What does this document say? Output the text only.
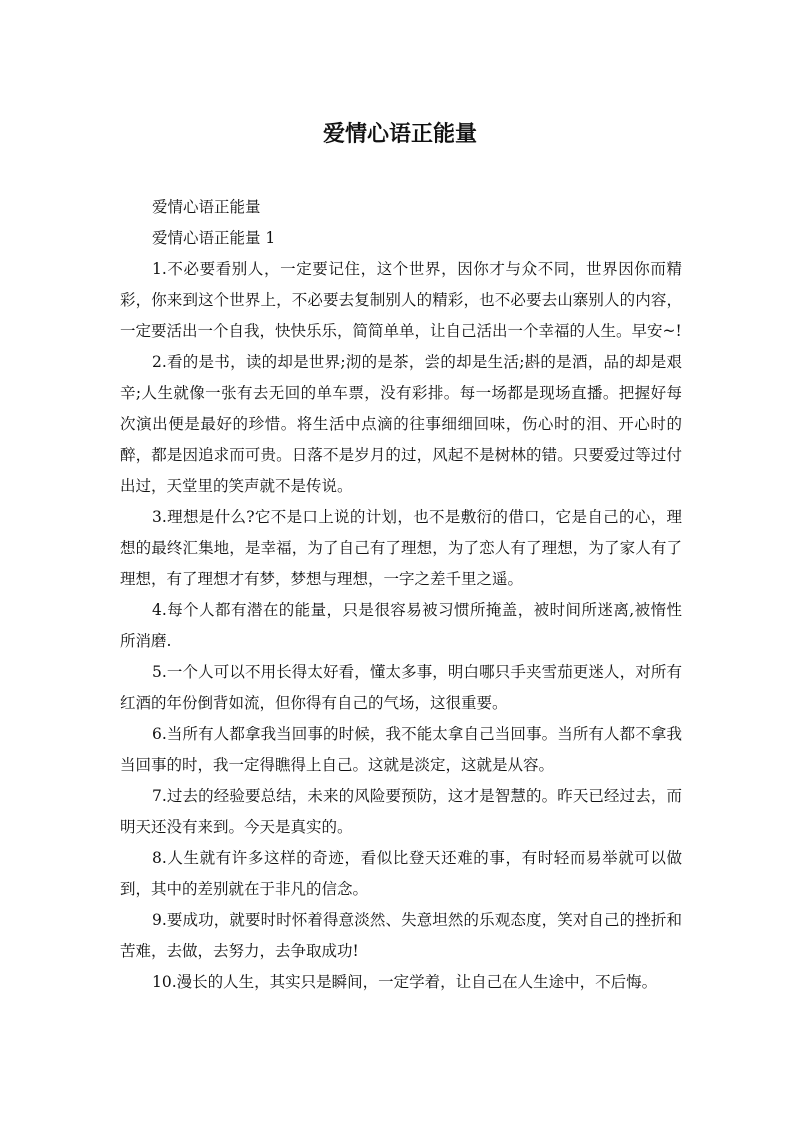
爱情心语正能量

爱情心语正能量

爱情心语正能量 1

1.不必要看别人，一定要记住，这个世界，因你才与众不同，世界因你而精彩，你来到这个世界上，不必要去复制别人的精彩，也不必要去山寨别人的内容，一定要活出一个自我，快快乐乐，简简单单，让自己活出一个幸福的人生。早安~!

2.看的是书，读的却是世界;沏的是茶，尝的却是生活;斟的是酒，品的却是艰辛;人生就像一张有去无回的单车票，没有彩排。每一场都是现场直播。把握好每次演出便是最好的珍惜。将生活中点滴的往事细细回味，伤心时的泪、开心时的醉，都是因追求而可贵。日落不是岁月的过，风起不是树林的错。只要爱过等过付出过，天堂里的笑声就不是传说。

3.理想是什么?它不是口上说的计划，也不是敷衍的借口，它是自己的心，理想的最终汇集地，是幸福，为了自己有了理想，为了恋人有了理想，为了家人有了理想，有了理想才有梦，梦想与理想，一字之差千里之遥。

4.每个人都有潜在的能量，只是很容易被习惯所掩盖，被时间所迷离,被惰性所消磨.

5.一个人可以不用长得太好看，懂太多事，明白哪只手夹雪茄更迷人，对所有红酒的年份倒背如流，但你得有自己的气场，这很重要。

6.当所有人都拿我当回事的时候，我不能太拿自己当回事。当所有人都不拿我当回事的时，我一定得瞧得上自己。这就是淡定，这就是从容。

7.过去的经验要总结，未来的风险要预防，这才是智慧的。昨天已经过去，而明天还没有来到。今天是真实的。

8.人生就有许多这样的奇迹，看似比登天还难的事，有时轻而易举就可以做到，其中的差别就在于非凡的信念。

9.要成功，就要时时怀着得意淡然、失意坦然的乐观态度，笑对自己的挫折和苦难，去做，去努力，去争取成功!

10.漫长的人生，其实只是瞬间，一定学着，让自己在人生途中，不后悔。
